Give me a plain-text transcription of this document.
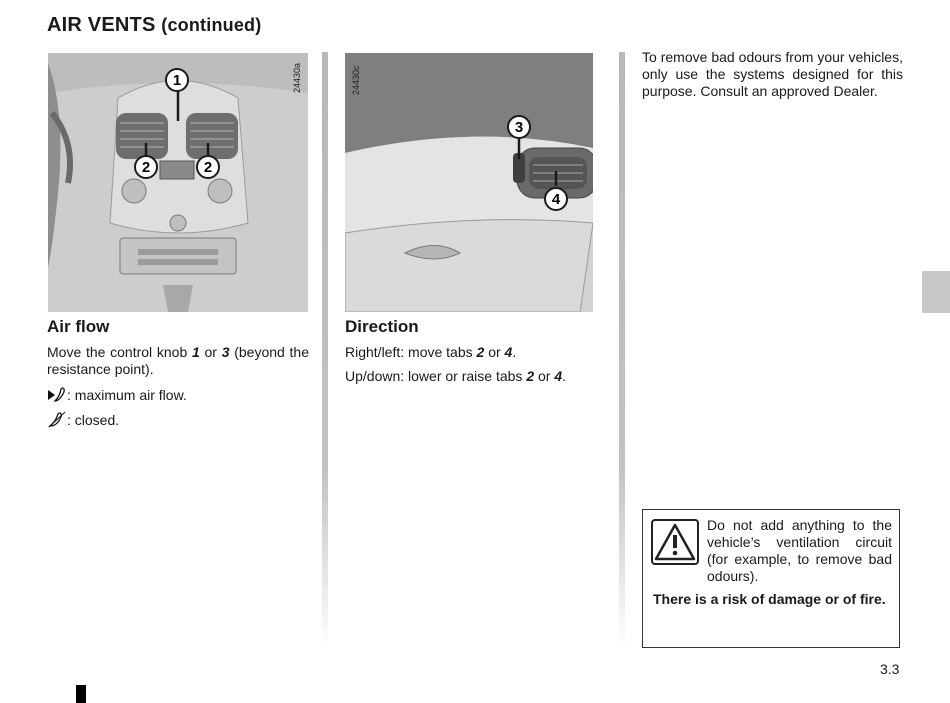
AIR VENTS (continued)
24430a
1
2	2
24430c
3
4
Air flow

Move the control knob 1 or 3 (beyond the resistance point).

: maximum air flow.

: closed.

Direction

Right/left: move tabs 2 or 4.

Up/down: lower or raise tabs 2 or 4.

To remove bad odours from your vehicles, only use the systems designed for this purpose. Consult an approved Dealer.

Do not add anything to the vehicle’s ventilation circuit (for example, to remove bad odours).
There is a risk of damage or of fire.
3.3
